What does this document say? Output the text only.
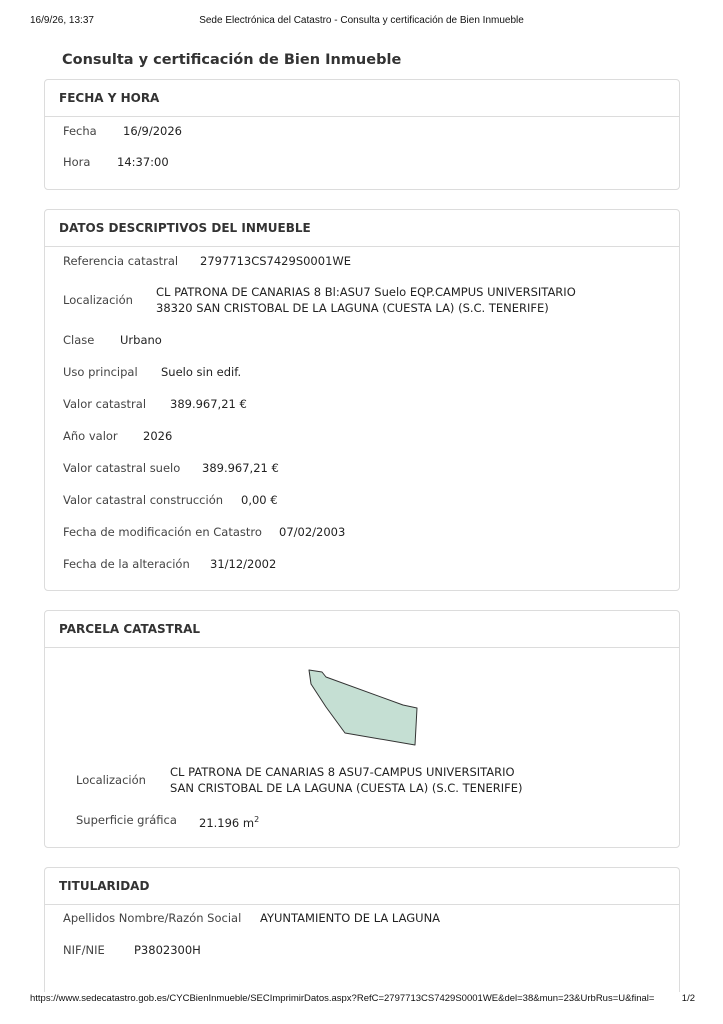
16/9/26, 13:37	Sede Electrónica del Catastro - Consulta y certificación de Bien Inmueble
Consulta y certificación de Bien Inmueble
FECHA Y HORA
Fecha 16/9/2026
Hora 14:37:00
DATOS DESCRIPTIVOS DEL INMUEBLE
Referencia catastral 2797713CS7429S0001WE
Localización
CL PATRONA DE CANARIAS 8 Bl:ASU7 Suelo EQP.CAMPUS UNIVERSITARIO
38320 SAN CRISTOBAL DE LA LAGUNA (CUESTA LA) (S.C. TENERIFE)
Clase Urbano
Uso principal Suelo sin edif.
Valor catastral 389.967,21 €
Año valor 2026
Valor catastral suelo 389.967,21 €
Valor catastral construcción 0,00 €
Fecha de modificación en Catastro 07/02/2003
Fecha de la alteración 31/12/2002
PARCELA CATASTRAL
Localización
CL PATRONA DE CANARIAS 8 ASU7-CAMPUS UNIVERSITARIO
SAN CRISTOBAL DE LA LAGUNA (CUESTA LA) (S.C. TENERIFE)
Superficie gráfica 21.196 $m^2$
TITULARIDAD
Apellidos Nombre/Razón Social AYUNTAMIENTO DE LA LAGUNA
NIF/NIE	P3802300H
https://www.sedecatastro.gob.es/CYCBienInmueble/SECImprimirDatos.aspx?RefC=2797713CS7429S0001WE&del=38&mun=23&UrbRus=U&final=	1/2
